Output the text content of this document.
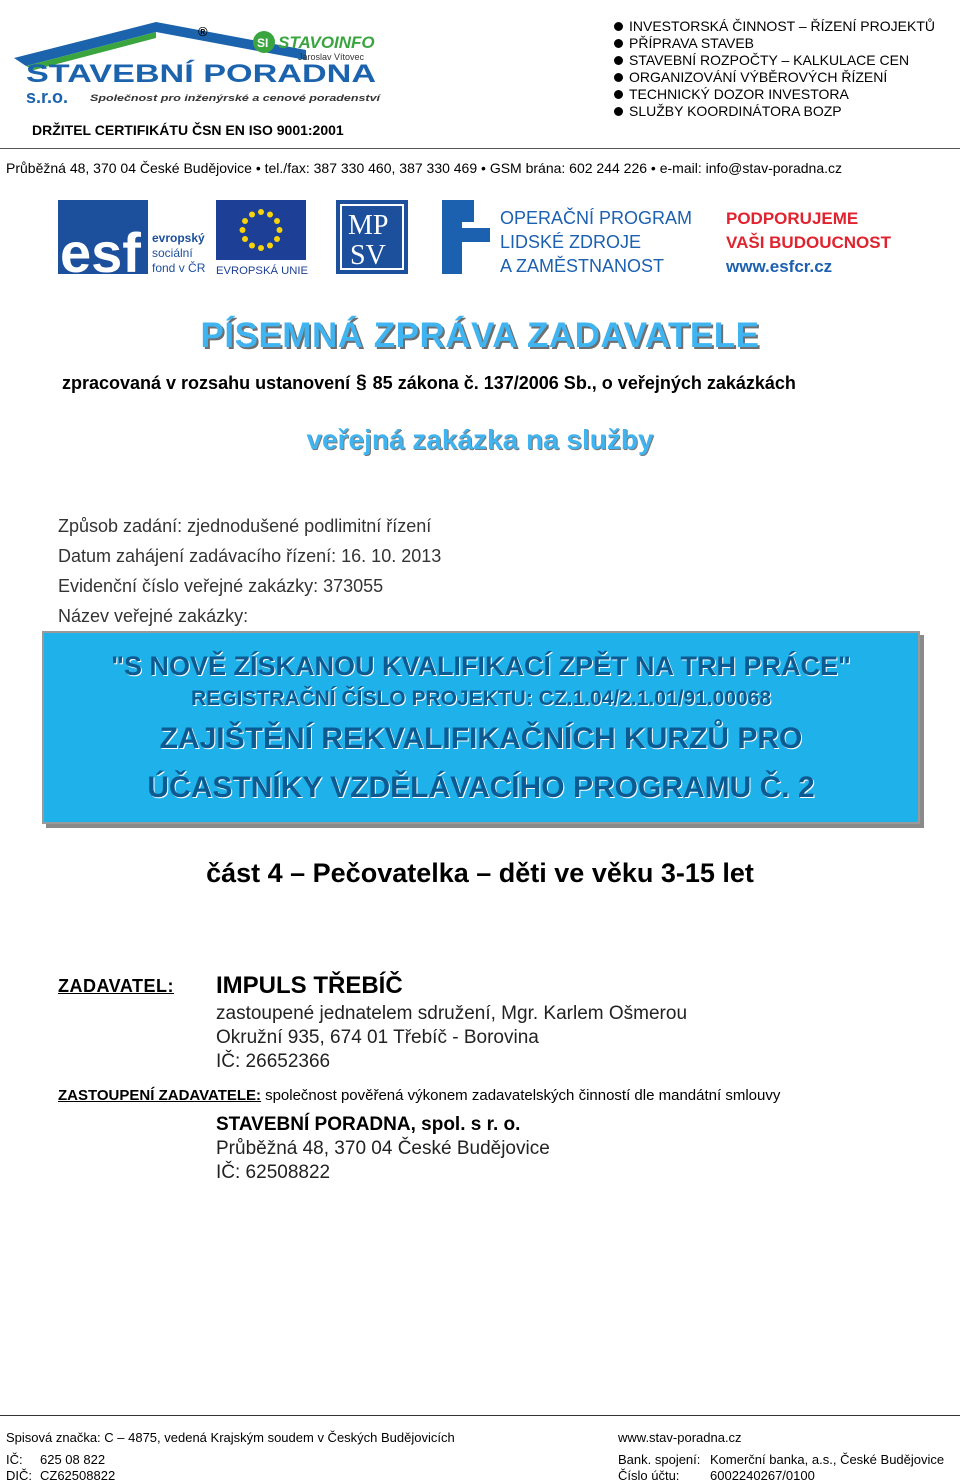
®
SI STAVOINFO
Jaroslav Vítovec
STAVEBNÍ PORADNA
s.r.o. Společnost pro inženýrské a cenové poradenství
DRŽITEL CERTIFIKÁTU ČSN EN ISO 9001:2001
INVESTORSKÁ ČINNOST – ŘÍZENÍ PROJEKTŮ
PŘÍPRAVA STAVEB
STAVEBNÍ ROZPOČTY – KALKULACE CEN
ORGANIZOVÁNÍ VÝBĚROVÝCH ŘÍZENÍ
TECHNICKÝ DOZOR INVESTORA
SLUŽBY KOORDINÁTORA BOZP
Průběžná 48, 370 04 České Budějovice • tel./fax: 387 330 460, 387 330 469 • GSM brána: 602 244 226 • e-mail: info@stav-poradna.cz
esf evropský
sociální
fond v ČR EVROPSKÁ UNIE
MP
SV
OPERAČNÍ PROGRAM
LIDSKÉ ZDROJE
A ZAMĚSTNANOST
PODPORUJEME
VAŠI BUDOUCNOST
www.esfcr.cz
PÍSEMNÁ ZPRÁVA ZADAVATELE
zpracovaná v rozsahu ustanovení § 85 zákona č. 137/2006 Sb., o veřejných zakázkách
veřejná zakázka na služby
Způsob zadání: zjednodušené podlimitní řízení
Datum zahájení zadávacího řízení: 16. 10. 2013
Evidenční číslo veřejné zakázky: 373055
Název veřejné zakázky:
"S NOVĚ ZÍSKANOU KVALIFIKACÍ ZPĚT NA TRH PRÁCE"
REGISTRAČNÍ ČÍSLO PROJEKTU: CZ.1.04/2.1.01/91.00068
ZAJIŠTĚNÍ REKVALIFIKAČNÍCH KURZŮ PRO
ÚČASTNÍKY VZDĚLÁVACÍHO PROGRAMU Č. 2
část 4 – Pečovatelka – děti ve věku 3-15 let
ZADAVATEL: IMPULS TŘEBÍČ
zastoupené jednatelem sdružení, Mgr. Karlem Ošmerou
Okružní 935, 674 01 Třebíč - Borovina
IČ: 26652366
ZASTOUPENÍ ZADAVATELE: společnost pověřená výkonem zadavatelských činností dle mandátní smlouvy
STAVEBNÍ PORADNA, spol. s r. o.
Průběžná 48, 370 04 České Budějovice
IČ: 62508822
Spisová značka: C – 4875, vedená Krajským soudem v Českých Budějovicích
IČ: 625 08 822
DIČ: CZ62508822
www.stav-poradna.cz
Bank. spojení: Komerční banka, a.s., České Budějovice
Číslo účtu: 6002240267/0100
